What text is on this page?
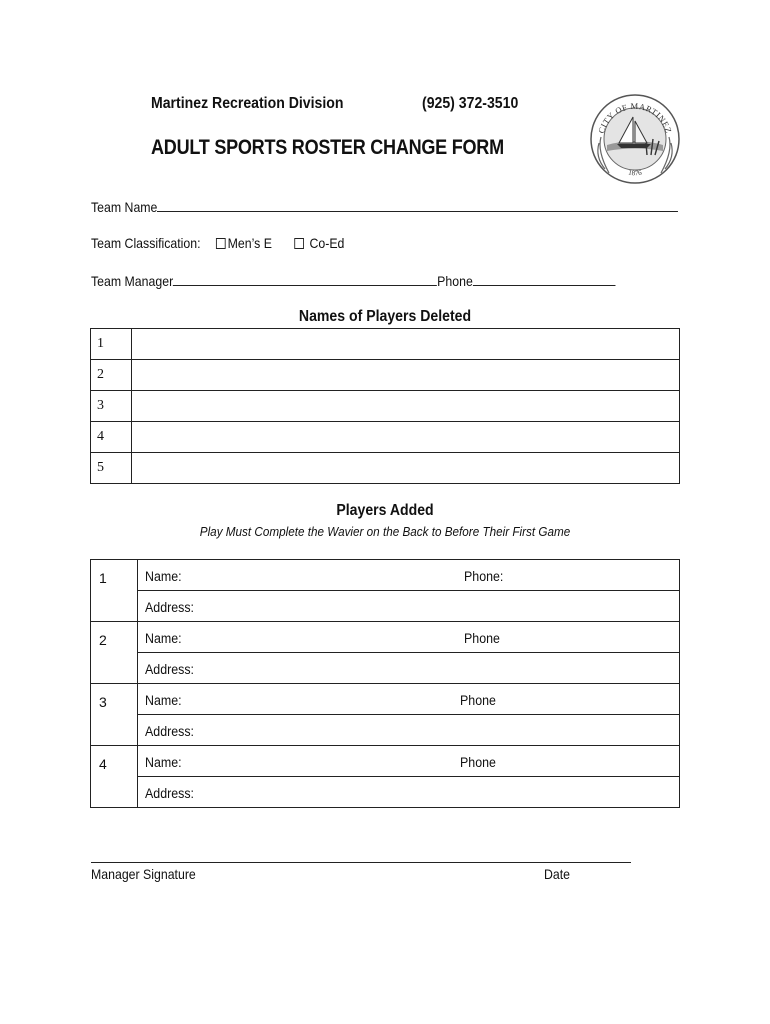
Martinez Recreation Division	(925) 372-3510
ADULT SPORTS ROSTER CHANGE FORM
CITY OF MARTINEZ
1876
Team Name
Team Classification: Men’s E	Co-Ed
Team Manager	Phone
Names of Players Deleted
1	
2	
3	
4	
5	
Players Added
Play Must Complete the Wavier on the Back to Before Their First Game
1	Name: Phone:

	Address:

2	Name: Phone

	Address:

3	Name: Phone

	Address:

4	Name: Phone

	Address:
Manager Signature	Date
